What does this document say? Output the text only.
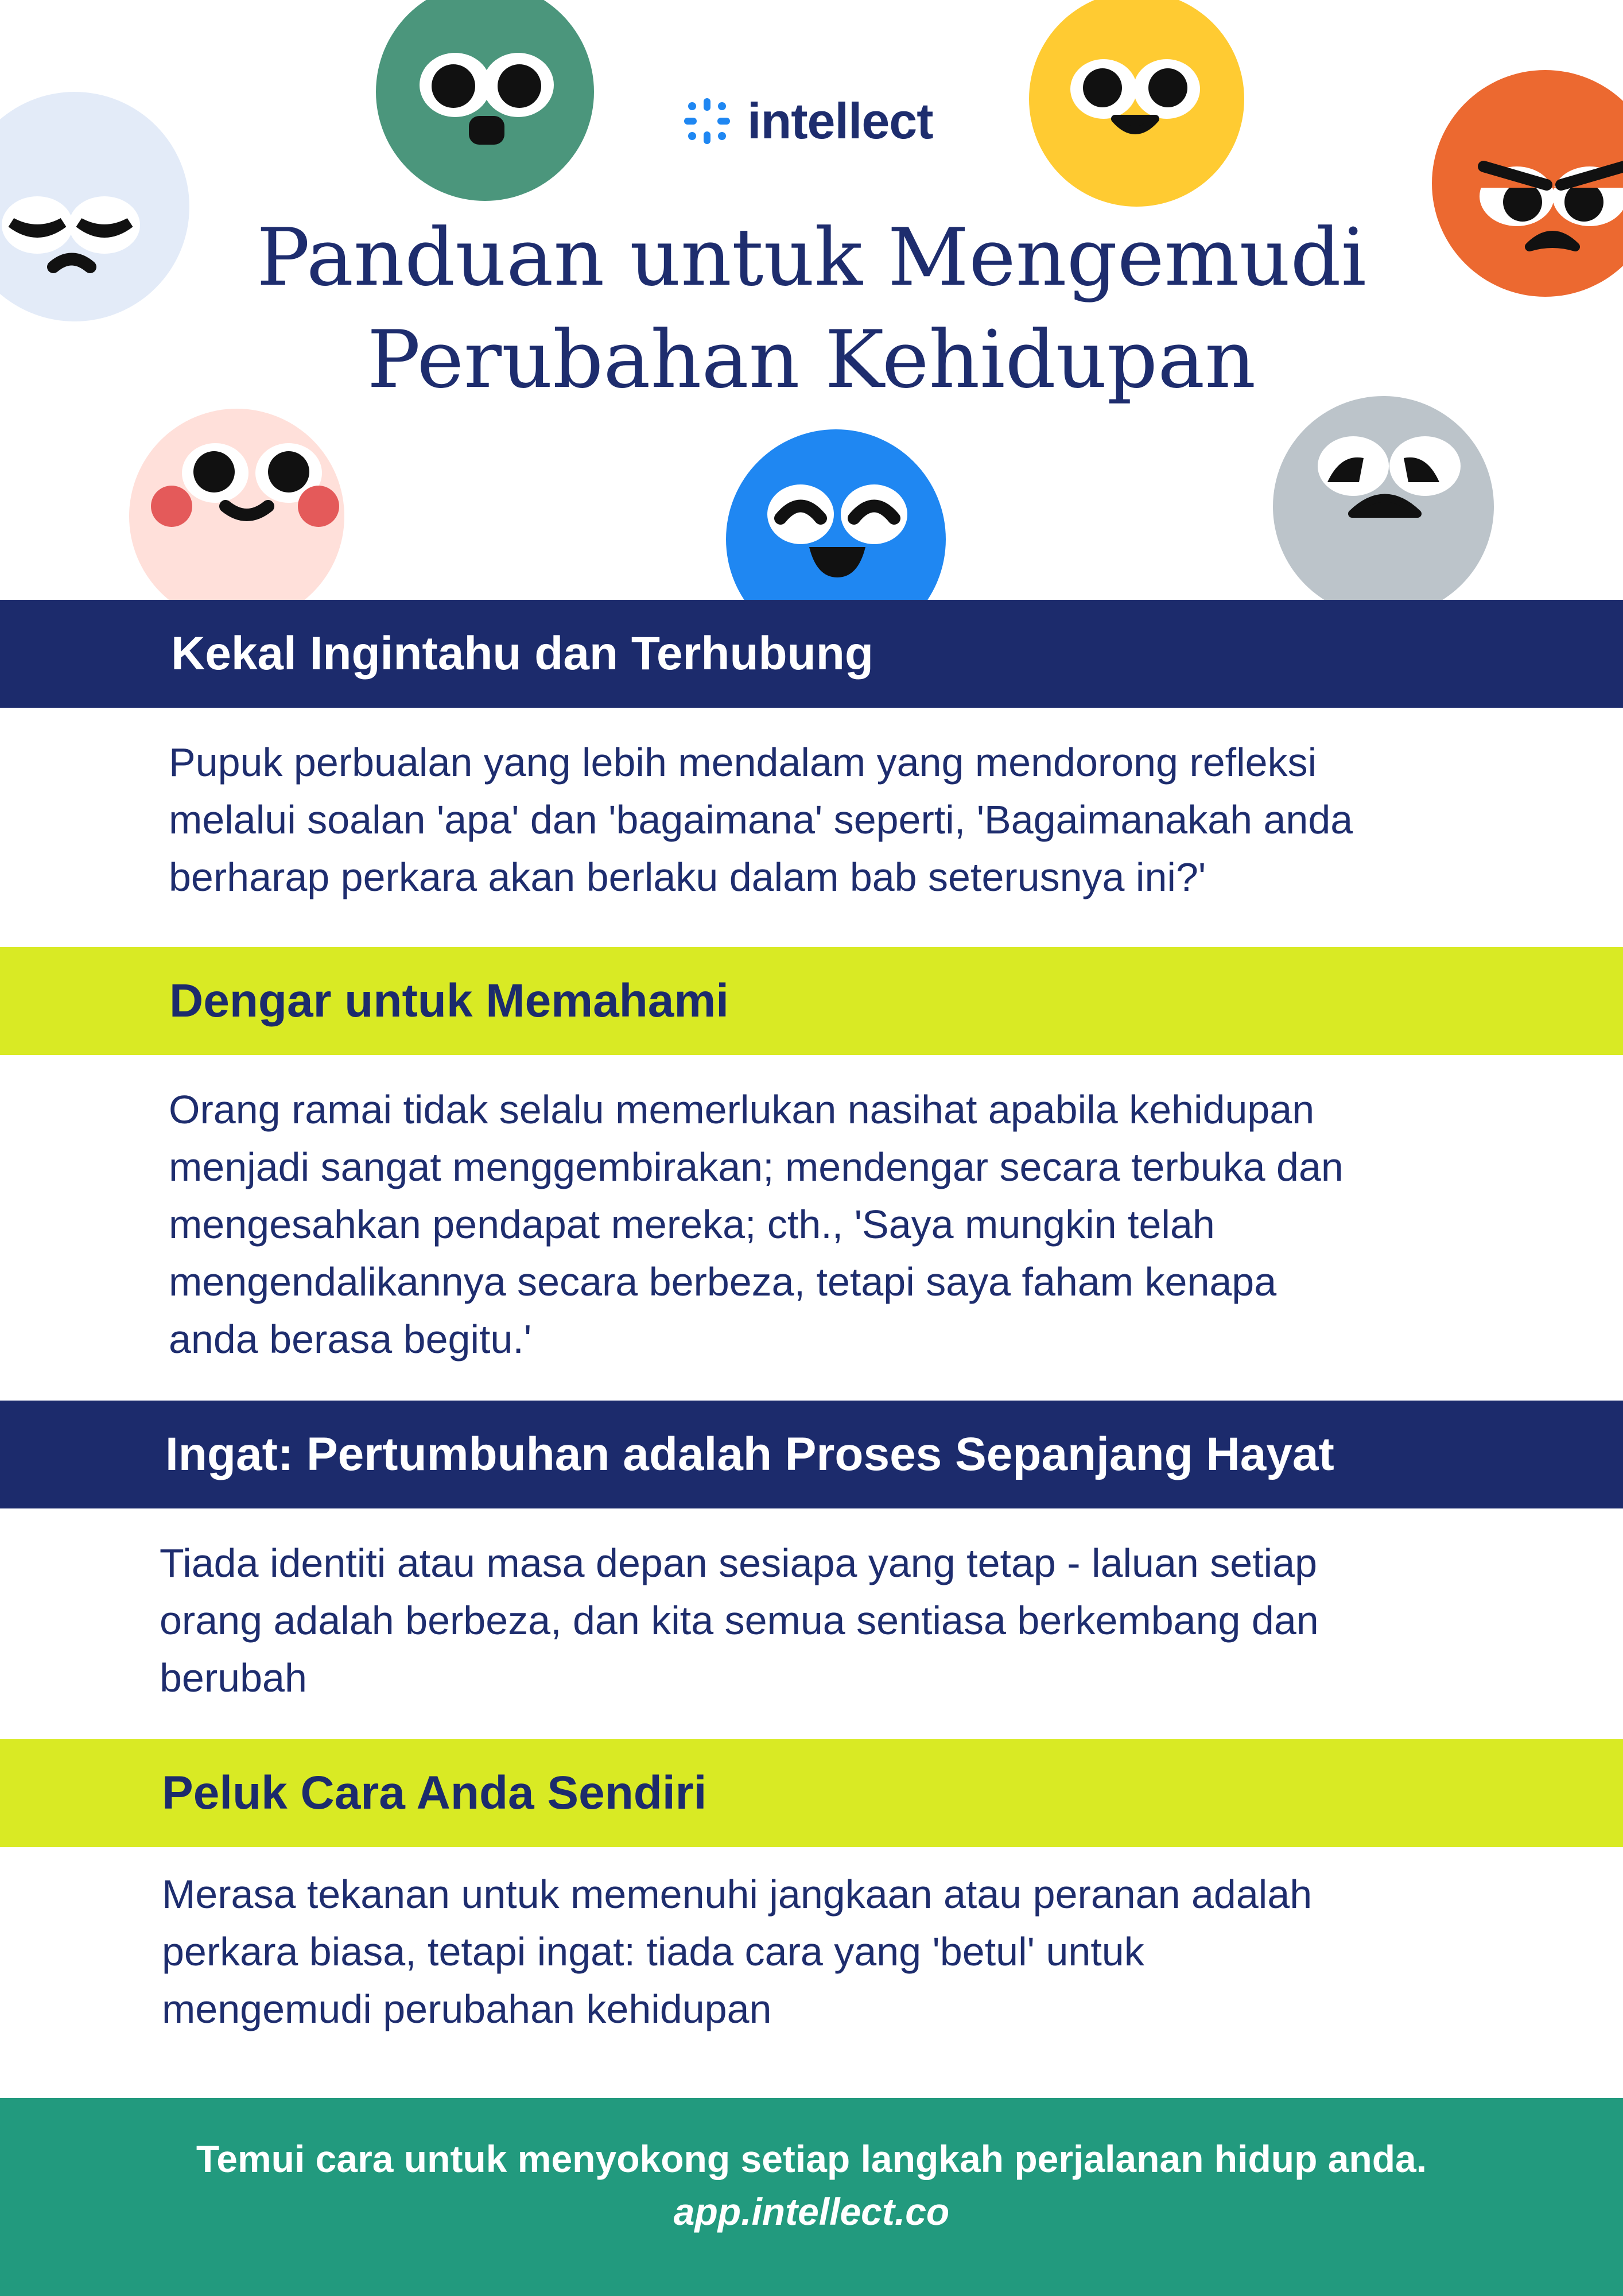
intellect
Panduan untuk Mengemudi
Perubahan Kehidupan
Kekal Ingintahu dan Terhubung
Pupuk perbualan yang lebih mendalam yang mendorong refleksi
melalui soalan 'apa' dan 'bagaimana' seperti, 'Bagaimanakah anda
berharap perkara akan berlaku dalam bab seterusnya ini?'
Dengar untuk Memahami
Orang ramai tidak selalu memerlukan nasihat apabila kehidupan
menjadi sangat menggembirakan; mendengar secara terbuka dan
mengesahkan pendapat mereka; cth., 'Saya mungkin telah
mengendalikannya secara berbeza, tetapi saya faham kenapa
anda berasa begitu.'
Ingat: Pertumbuhan adalah Proses Sepanjang Hayat
Tiada identiti atau masa depan sesiapa yang tetap - laluan setiap
orang adalah berbeza, dan kita semua sentiasa berkembang dan
berubah
Peluk Cara Anda Sendiri
Merasa tekanan untuk memenuhi jangkaan atau peranan adalah
perkara biasa, tetapi ingat: tiada cara yang 'betul' untuk
mengemudi perubahan kehidupan
Temui cara untuk menyokong setiap langkah perjalanan hidup anda.
app.intellect.co
